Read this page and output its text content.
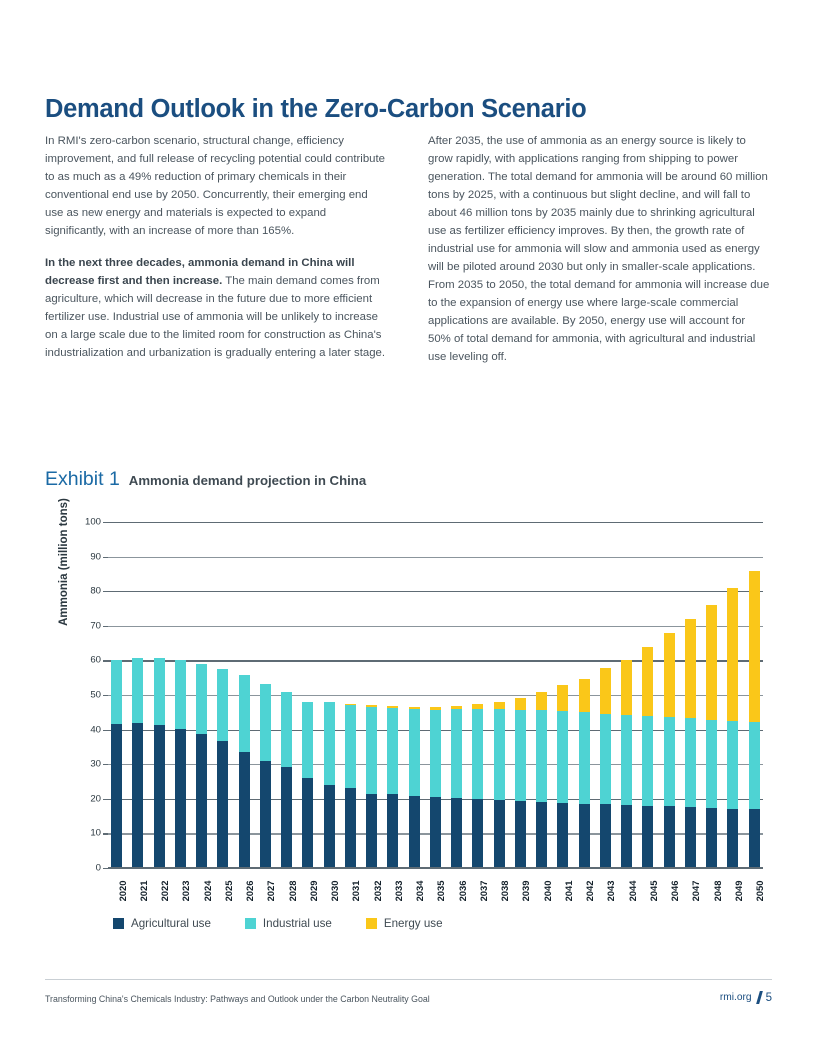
Demand Outlook in the Zero-Carbon Scenario

In RMI's zero-carbon scenario, structural change, efficiency improvement, and full release of recycling potential could contribute to as much as a 49% reduction of primary chemicals in their conventional end use by 2050. Concurrently, their emerging end use as new energy and materials is expected to expand significantly, with an increase of more than 165%.

In the next three decades, ammonia demand in China will decrease first and then increase. The main demand comes from agriculture, which will decrease in the future due to more efficient fertilizer use. Industrial use of ammonia will be unlikely to increase on a large scale due to the limited room for construction as China's industrialization and urbanization is gradually entering a later stage.

After 2035, the use of ammonia as an energy source is likely to grow rapidly, with applications ranging from shipping to power generation. The total demand for ammonia will be around 60 million tons by 2025, with a continuous but slight decline, and will fall to about 46 million tons by 2035 mainly due to shrinking agricultural use as fertilizer efficiency improves. By then, the growth rate of industrial use for ammonia will slow and ammonia used as energy will be piloted around 2030 but only in smaller-scale applications. From 2035 to 2050, the total demand for ammonia will increase due to the expansion of energy use where large-scale commercial applications are available. By 2050, energy use will account for 50% of total demand for ammonia, with agricultural and industrial use leveling off.

Exhibit 1 Ammonia demand projection in China
Ammonia (million tons)
0
10
20
30
40
50
60
70
80
90
100
2020 2021 2022 2023 2024 2025 2026 2027 2028 2029 2030 2031 2032 2033 2034 2035 2036 2037 2038 2039 2040 2041 2042 2043 2044 2045 2046 2047 2048 2049 2050
Agricultural use	Industrial use	Energy use
Transforming China's Chemicals Industry: Pathways and Outlook under the Carbon Neutrality Goal	rmi.org 5
